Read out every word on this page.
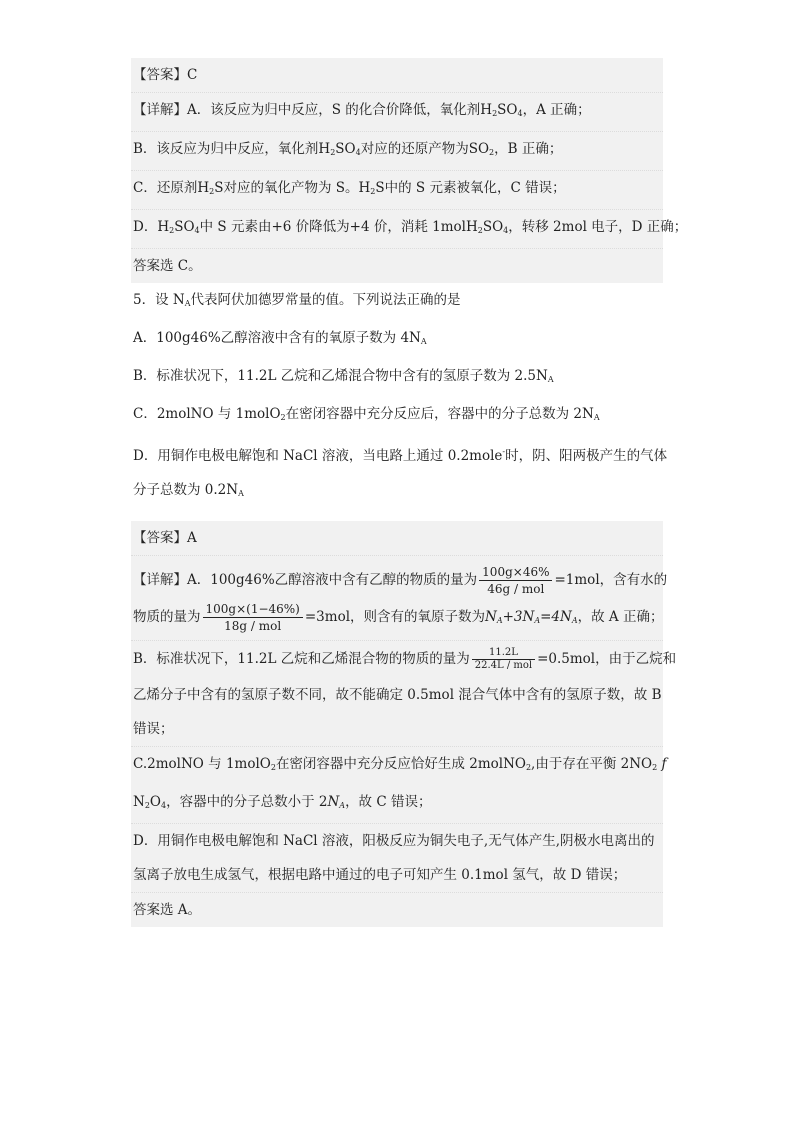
【答案】C
【详解】A．该反应为归中反应，S 的化合价降低，氧化剂$H_2SO_4$，A 正确；
B．该反应为归中反应，氧化剂$H_2SO_4$对应的还原产物为$SO_2$，B 正确；
C．还原剂$H_2S$对应的氧化产物为 S。$H_2S$中的 S 元素被氧化，C 错误；
D．$H_2SO_4$中 S 元素由+6 价降低为+4 价，消耗 $1molH_2SO_4$，转移 2mol 电子，D 正确；
答案选 C。
5．设 $N_A$代表阿伏加德罗常量的值。下列说法正确的是
A．100g46%乙醇溶液中含有的氧原子数为 $4N_A$
B．标准状况下，11.2L 乙烷和乙烯混合物中含有的氢原子数为 $2.5N_A$
C．2molNO 与 1molO$_2$在密闭容器中充分反应后，容器中的分子总数为 $2N_A$
D．用铜作电极电解饱和 NaCl 溶液，当电路上通过 0.2mole-时，阴、阳两极产生的气体
分子总数为 $0.2N_A$
【答案】A
【详解】A．100g46%乙醇溶液中含有乙醇的物质的量为 $\frac{100g\times 46\%}{\text{46g / mol}} =1mol$，含有水的
物质的量为 $\frac{100g\times(1-46\%)}{\text{18g / mol}} =3mol$，则含有的氧原子数为$N_A+3N_A=4N_A$，故 A 正确；
B．标准状况下，11.2L 乙烷和乙烯混合物的物质的量为 $\frac{11.2L}{\text{22.4L / mol}} =0.5mol$，由于乙烷和
乙烯分子中含有的氢原子数不同，故不能确定 0.5mol 混合气体中含有的氢原子数，故 B
错误；
C.2molNO 与 1molO$_2$在密闭容器中充分反应恰好生成 2molNO$_2$,由于存在平衡 $2NO_2$ f
$N_2O_4$，容器中的分子总数小于 $2N_A$，故 C 错误；
D．用铜作电极电解饱和 NaCl 溶液，阳极反应为铜失电子,无气体产生,阴极水电离出的
氢离子放电生成氢气，根据电路中通过的电子可知产生 0.1mol 氢气，故 D 错误；
答案选 A。
